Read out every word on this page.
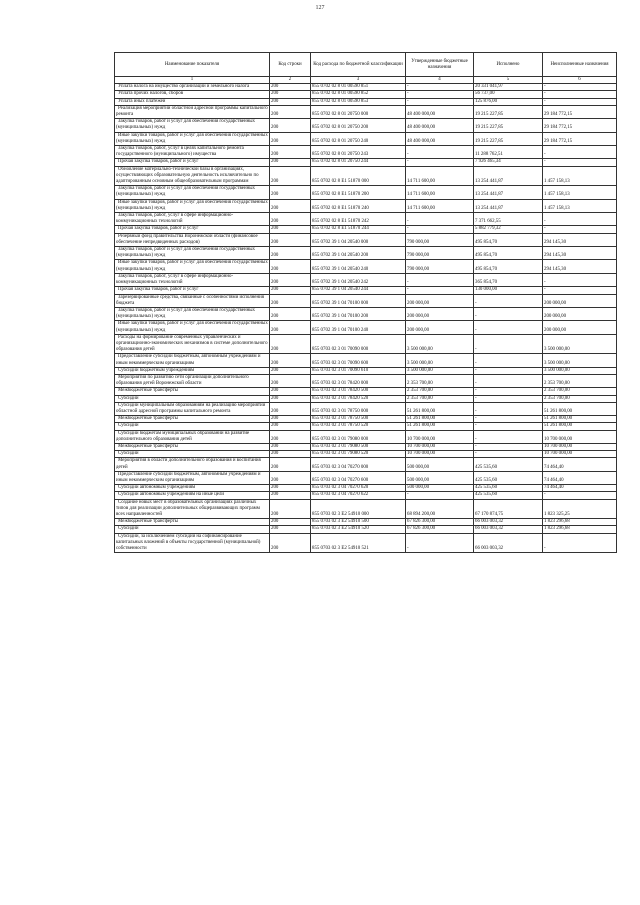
127
Наименование показателя	Код строки	Код расхода по бюджетной классификации	Утвержденные бюджетные назначения	Исполнено	Неисполненные назначения
1	2	3	4	5	6
Уплата налога на имущество организаций и земельного налога	200	855 0702 02 8 01 00590 851	-	20 331 041,97	-
Уплата прочих налогов, сборов	200	855 0702 02 8 01 00590 852	-	56 737,00	-
Уплата иных платежей	200	855 0702 02 8 01 00590 853	-	125 876,00	-
Реализация мероприятий областной адресной программы капитального ремонта	200	855 0702 02 8 01 20750 000	48 400 000,00	19 215 227,85	29 184 772,15
Закупка товаров, работ и услуг для обеспечения государственных (муниципальных) нужд	200	855 0702 02 8 01 20750 200	48 400 000,00	19 215 227,85	29 184 772,15
Иные закупки товаров, работ и услуг для обеспечения государственных (муниципальных) нужд	200	855 0702 02 8 01 20750 240	48 400 000,00	19 215 227,85	29 184 772,15
Закупка товаров, работ, услуг в целях капитального ремонта государственного (муниципального) имущества	200	855 0702 02 8 01 20750 243	-	11 288 762,51	-
Прочая закупка товаров, работ и услуг	200	855 0702 02 8 01 20750 244	-	7 926 465,34	-
Обновление материально-технической базы в организациях, осуществляющих образовательную деятельность исключительно по адаптированным основным общеобразовательным программам	200	855 0702 02 8 Е1 51870 000	14 711 600,00	13 254 441,87	1 457 158,13
Закупка товаров, работ и услуг для обеспечения государственных (муниципальных) нужд	200	855 0702 02 8 Е1 51870 200	14 711 600,00	13 254 441,87	1 457 158,13
Иные закупки товаров, работ и услуг для обеспечения государственных (муниципальных) нужд	200	855 0702 02 8 Е1 51870 240	14 711 600,00	13 254 441,87	1 457 158,13
Закупка товаров, работ, услуг в сфере информационно-коммуникационных технологий	200	855 0702 02 8 Е1 51870 242	-	7 371 662,55	-
Прочая закупка товаров, работ и услуг	200	855 0702 02 8 Е1 51870 244	-	5 882 779,32	-
Резервный фонд правительства Воронежской области (финансовое обеспечение непредвиденных расходов)	200	855 0702 39 1 04 20540 000	790 000,00	495 854,70	294 145,30
Закупка товаров, работ и услуг для обеспечения государственных (муниципальных) нужд	200	855 0702 39 1 04 20540 200	790 000,00	495 854,70	294 145,30
Иные закупки товаров, работ и услуг для обеспечения государственных (муниципальных) нужд	200	855 0702 39 1 04 20540 240	790 000,00	495 854,70	294 145,30
Закупка товаров, работ, услуг в сфере информационно-коммуникационных технологий	200	855 0702 39 1 04 20540 242	-	365 854,70	-
Прочая закупка товаров, работ и услуг	200	855 0702 39 1 04 20540 244	-	130 000,00	-
Зарезервированные средства, связанные с особенностями исполнения бюджета	200	855 0702 39 1 04 70100 000	200 000,00	-	200 000,00
Закупка товаров, работ и услуг для обеспечения государственных (муниципальных) нужд	200	855 0702 39 1 04 70100 200	200 000,00	-	200 000,00
Иные закупки товаров, работ и услуг для обеспечения государственных (муниципальных) нужд	200	855 0702 39 1 04 70100 240	200 000,00	-	200 000,00
Расходы на формирование современных управленческих и организационно-экономических механизмов в системе дополнительного образования детей	200	855 0703 02 3 01 70090 000	3 500 000,00	-	3 500 000,00
Предоставление субсидий бюджетным, автономным учреждениям и иным некоммерческим организациям	200	855 0703 02 3 01 70090 600	3 500 000,00	-	3 500 000,00
Субсидии бюджетным учреждениям	200	855 0703 02 3 01 70090 610	3 500 000,00	-	3 500 000,00
Мероприятия по развитию сети организаций дополнительного образования детей Воронежской области	200	855 0703 02 3 01 78420 000	2 353 700,00	-	2 353 700,00
Межбюджетные трансферты	200	855 0703 02 3 01 78420 500	2 353 700,00	-	2 353 700,00
Субсидии	200	855 0703 02 3 01 78420 520	2 353 700,00	-	2 353 700,00
Субсидии муниципальным образованиям на реализацию мероприятий областной адресной программы капитального ремонта	200	855 0703 02 3 01 78750 000	51 261 800,00	-	51 261 800,00
Межбюджетные трансферты	200	855 0703 02 3 01 78750 500	51 261 800,00	-	51 261 800,00
Субсидии	200	855 0703 02 3 01 78750 520	51 261 800,00	-	51 261 800,00
Субсидии бюджетам муниципальных образований на развитие дополнительного образования детей	200	855 0703 02 3 01 79080 000	10 700 000,00	-	10 700 000,00
Межбюджетные трансферты	200	855 0703 02 3 01 79080 500	10 700 000,00	-	10 700 000,00
Субсидии	200	855 0703 02 3 01 79080 520	10 700 000,00	-	10 700 000,00
Мероприятия в области дополнительного образования и воспитания детей	200	855 0703 02 3 04 70270 000	500 000,00	425 535,60	74 464,40
Предоставление субсидий бюджетным, автономным учреждениям и иным некоммерческим организациям	200	855 0703 02 3 04 70270 600	500 000,00	425 535,60	74 464,40
Субсидии автономным учреждениям	200	855 0703 02 3 04 70270 620	500 000,00	425 535,60	74 464,40
Субсидии автономным учреждениям на иные цели	200	855 0703 02 3 04 70270 622	-	425 535,60	-
Создание новых мест в образовательных организациях различных типов для реализации дополнительных общеразвивающих программ всех направленностей	200	855 0703 02 3 Е2 54910 000	68 894 200,00	67 170 874,75	1 823 325,25
Межбюджетные трансферты	200	855 0703 02 3 Е2 54910 500	67 826 300,00	66 003 003,32	1 823 296,68
Субсидии	200	855 0703 02 3 Е2 54910 520	67 826 300,00	66 003 003,32	1 823 296,68
Субсидии, за исключением субсидий на софинансирование капитальных вложений в объекты государственной (муниципальной) собственности	200	855 0703 02 3 Е2 54910 521	-	66 003 003,32	-
